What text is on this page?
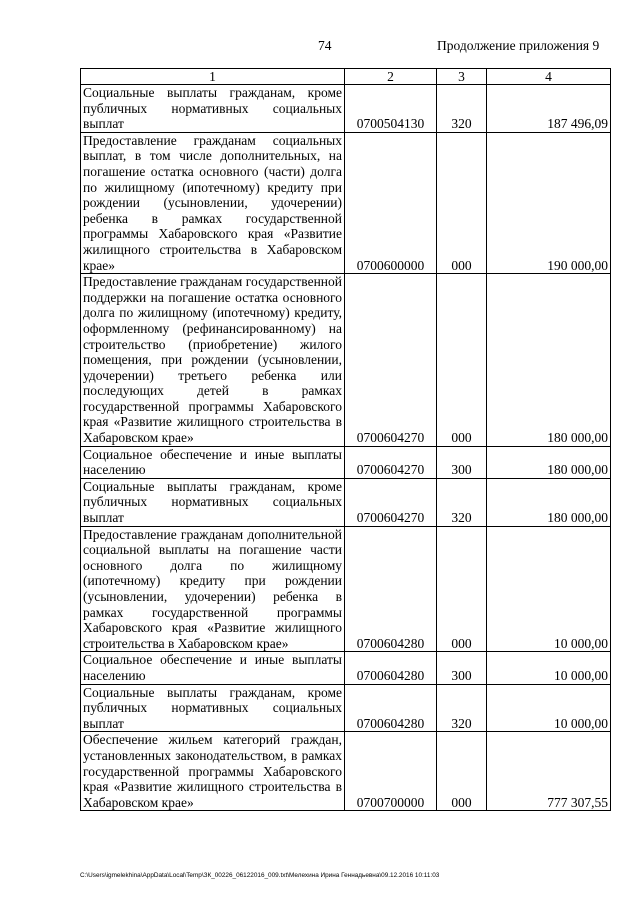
74	Продолжение приложения 9
1	2	3	4
Социальные выплаты гражданам, кроме публичных нормативных социальных выплат	0700504130	320	187 496,09
Предоставление гражданам социальных выплат, в том числе дополнительных, на погашение остатка основного (части) долга по жилищному (ипотечному) кредиту при рождении (усыновлении, удочерении) ребенка в рамках государственной программы Хабаровского края «Развитие жилищного строительства в Хабаровском крае»	0700600000	000	190 000,00
Предоставление гражданам государственной поддержки на погашение остатка основного долга по жилищному (ипотечному) кредиту, оформленному (рефинансированному) на строительство (приобретение) жилого помещения, при рождении (усыновлении, удочерении) третьего ребенка или последующих детей в рамках государственной программы Хабаровского края «Развитие жилищного строительства в Хабаровском крае»	0700604270	000	180 000,00
Социальное обеспечение и иные выплаты населению	0700604270	300	180 000,00
Социальные выплаты гражданам, кроме публичных нормативных социальных выплат	0700604270	320	180 000,00
Предоставление гражданам дополнительной социальной выплаты на погашение части основного долга по жилищному (ипотечному) кредиту при рождении (усыновлении, удочерении) ребенка в рамках государственной программы Хабаровского края «Развитие жилищного строительства в Хабаровском крае»	0700604280	000	10 000,00
Социальное обеспечение и иные выплаты населению	0700604280	300	10 000,00
Социальные выплаты гражданам, кроме публичных нормативных социальных выплат	0700604280	320	10 000,00
Обеспечение жильем категорий граждан, установленных законодательством, в рамках государственной программы Хабаровского края «Развитие жилищного строительства в Хабаровском крае»	0700700000	000	777 307,55
C:\Users\igmelekhina\AppData\Local\Temp\ЗК_00226_06122016_009.txt\Мелехина Ирина Геннадьевна\09.12.2016 10:11:03
